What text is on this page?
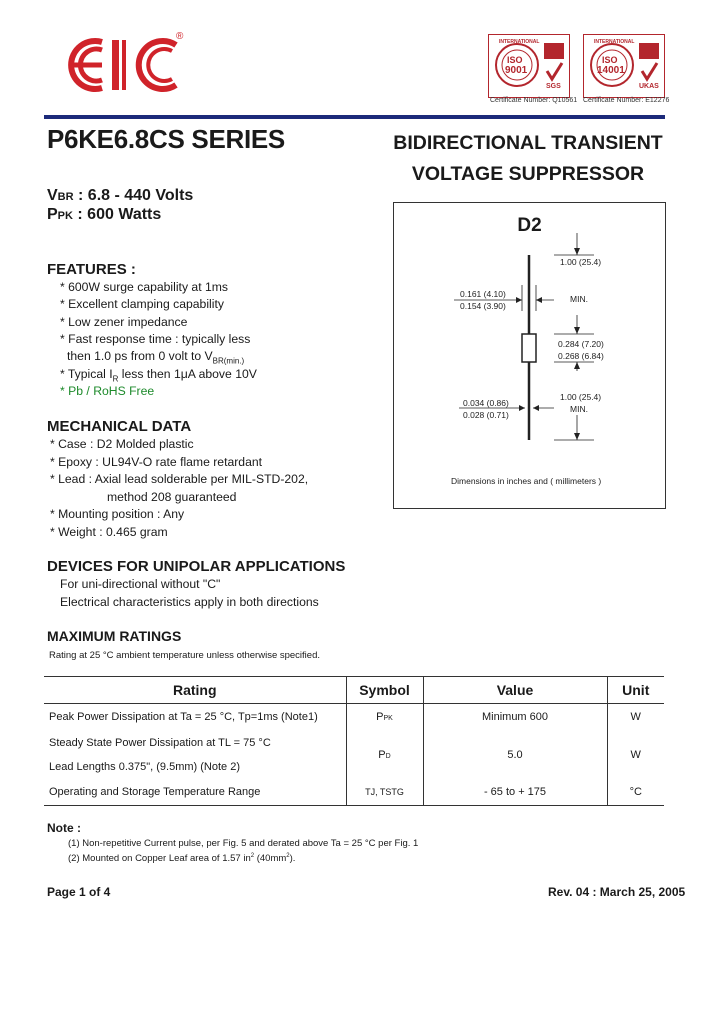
®	INTERNATIONAL
ISO
9001
SGS
Certificate Number: Q10561
INTERNATIONAL
ISO
14001
UKAS
Certificate Number: E12276
P6KE6.8CS SERIES	BIDIRECTIONAL TRANSIENT
VOLTAGE SUPPRESSOR
VBR : 6.8 - 440 Volts
PPK : 600 Watts
FEATURES :
* 600W surge capability at 1ms
* Excellent clamping capability
* Low zener impedance
* Fast response time : typically less
then 1.0 ps from 0 volt to $V_{BR(min.)}$
* Typical $I_R$ less then 1μA above 10V
* Pb / RoHS Free
MECHANICAL DATA
* Case : D2 Molded plastic
* Epoxy : UL94V-O rate flame retardant
* Lead : Axial lead solderable per MIL-STD-202,
method 208 guaranteed
* Mounting position : Any
* Weight : 0.465 gram
DEVICES FOR UNIPOLAR APPLICATIONS
For uni-directional without "C"
Electrical characteristics apply in both directions
D2
0.161 (4.10)
0.154 (3.90)
1.00 (25.4)
MIN.
0.284 (7.20)
0.268 (6.84)
0.034 (0.86)
0.028 (0.71)
1.00 (25.4)
MIN.
Dimensions in inches and ( millimeters )
MAXIMUM RATINGS
Rating at 25 °C ambient temperature unless otherwise specified.
Rating	Symbol	Value	Unit
Peak Power Dissipation at Ta = 25 °C, Tp=1ms (Note1)	PPK	Minimum 600	W

Steady State Power Dissipation at TL = 75 °C
Lead Lengths 0.375", (9.5mm) (Note 2)	PD	5.0	W
Operating and Storage Temperature Range	TJ, TSTG	- 65 to + 175	°C
Note :
(1) Non-repetitive Current pulse, per Fig. 5 and derated above Ta = 25 °C per Fig. 1
(2) Mounted on Copper Leaf area of 1.57 $in^2$ $(40mm^2)$.
Page 1 of 4	Rev. 04 : March 25, 2005
